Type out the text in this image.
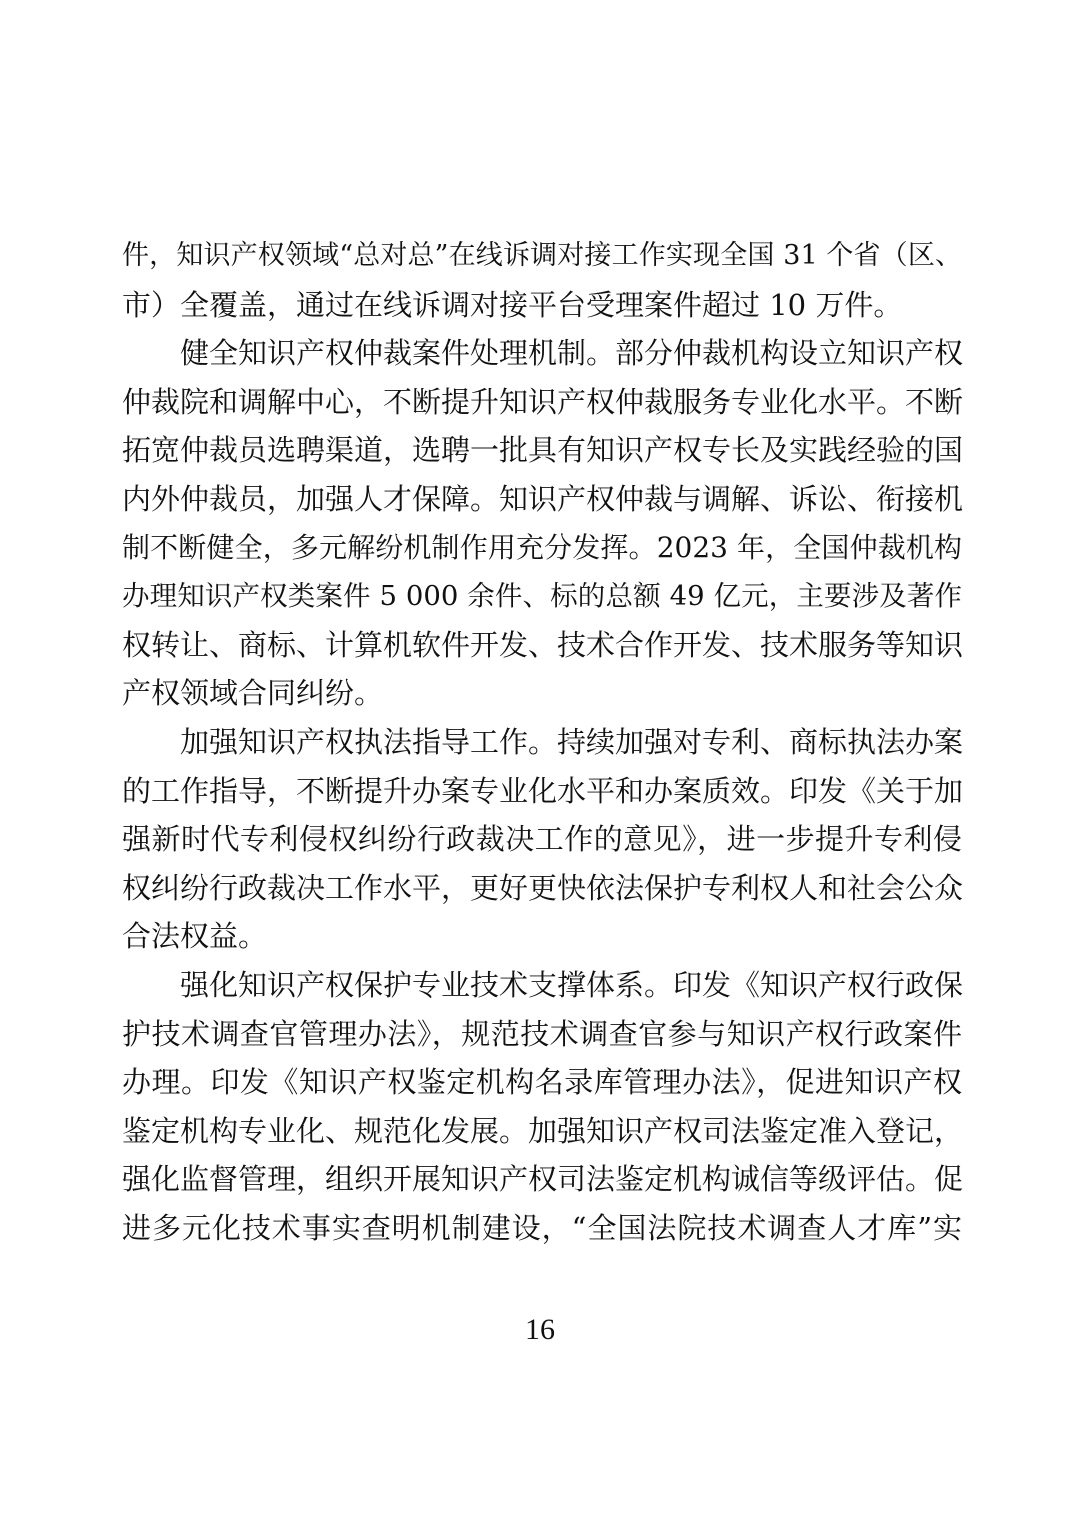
件，知识产权领域“总对总”在线诉调对接工作实现全国 31 个省（区、
市）全覆盖，通过在线诉调对接平台受理案件超过 10 万件。
健全知识产权仲裁案件处理机制。部分仲裁机构设立知识产权
仲裁院和调解中心，不断提升知识产权仲裁服务专业化水平。不断
拓宽仲裁员选聘渠道，选聘一批具有知识产权专长及实践经验的国
内外仲裁员，加强人才保障。知识产权仲裁与调解、诉讼、衔接机
制不断健全，多元解纷机制作用充分发挥。2023 年，全国仲裁机构
办理知识产权类案件 5 000 余件、标的总额 49 亿元，主要涉及著作
权转让、商标、计算机软件开发、技术合作开发、技术服务等知识
产权领域合同纠纷。
加强知识产权执法指导工作。持续加强对专利、商标执法办案
的工作指导，不断提升办案专业化水平和办案质效。印发《关于加
强新时代专利侵权纠纷行政裁决工作的意见》，进一步提升专利侵
权纠纷行政裁决工作水平，更好更快依法保护专利权人和社会公众
合法权益。
强化知识产权保护专业技术支撑体系。印发《知识产权行政保
护技术调查官管理办法》，规范技术调查官参与知识产权行政案件
办理。印发《知识产权鉴定机构名录库管理办法》，促进知识产权
鉴定机构专业化、规范化发展。加强知识产权司法鉴定准入登记，
强化监督管理，组织开展知识产权司法鉴定机构诚信等级评估。促
进多元化技术事实查明机制建设，“全国法院技术调查人才库”实
16
